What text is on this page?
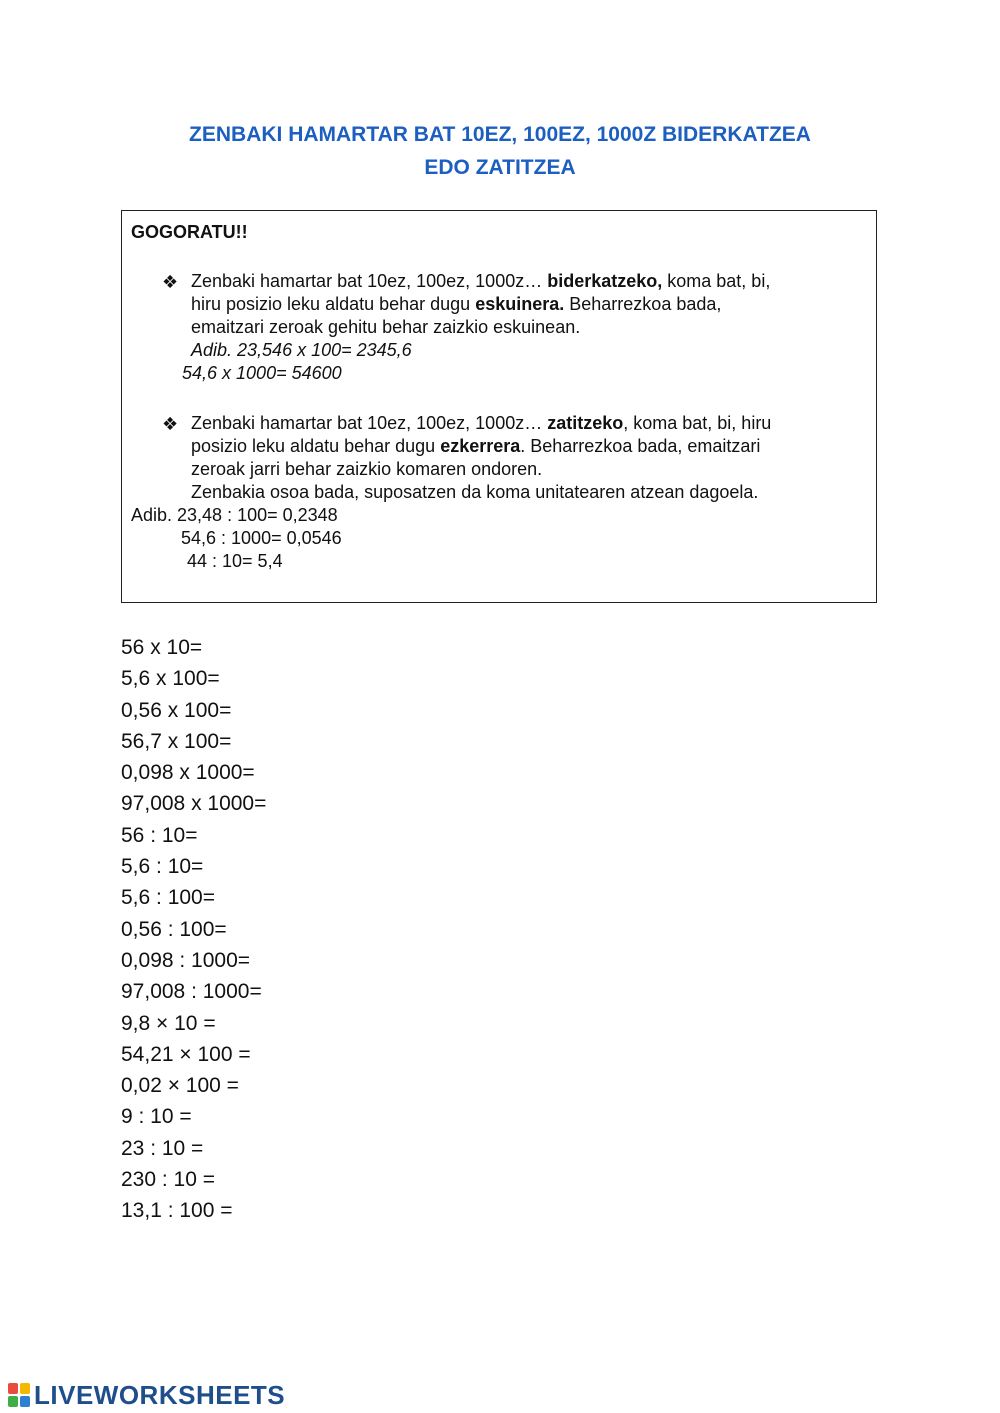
ZENBAKI HAMARTAR BAT 10EZ, 100EZ, 1000Z BIDERKATZEA
EDO ZATITZEA
GOGORATU!!
❖ Zenbaki hamartar bat 10ez, 100ez, 1000z… biderkatzeko, koma bat, bi,
hiru posizio leku aldatu behar dugu eskuinera. Beharrezkoa bada,
emaitzari zeroak gehitu behar zaizkio eskuinean.
Adib. 23,546 x 100= 2345,6
54,6 x 1000= 54600
❖ Zenbaki hamartar bat 10ez, 100ez, 1000z… zatitzeko, koma bat, bi, hiru
posizio leku aldatu behar dugu ezkerrera. Beharrezkoa bada, emaitzari
zeroak jarri behar zaizkio komaren ondoren.
Zenbakia osoa bada, suposatzen da koma unitatearen atzean dagoela.
Adib. 23,48 : 100= 0,2348
54,6 : 1000= 0,0546
44 : 10= 5,4
56 x 10=
5,6 x 100=
0,56 x 100=
56,7 x 100=
0,098 x 1000=
97,008 x 1000=
56 : 10=
5,6 : 10=
5,6 : 100=
0,56 : 100=
0,098 : 1000=
97,008 : 1000=
9,8 × 10 =
54,21 × 100 =
0,02 × 100 =
9 : 10 =
23 : 10 =
230 : 10 =
13,1 : 100 =
LIVEWORKSHEETS
